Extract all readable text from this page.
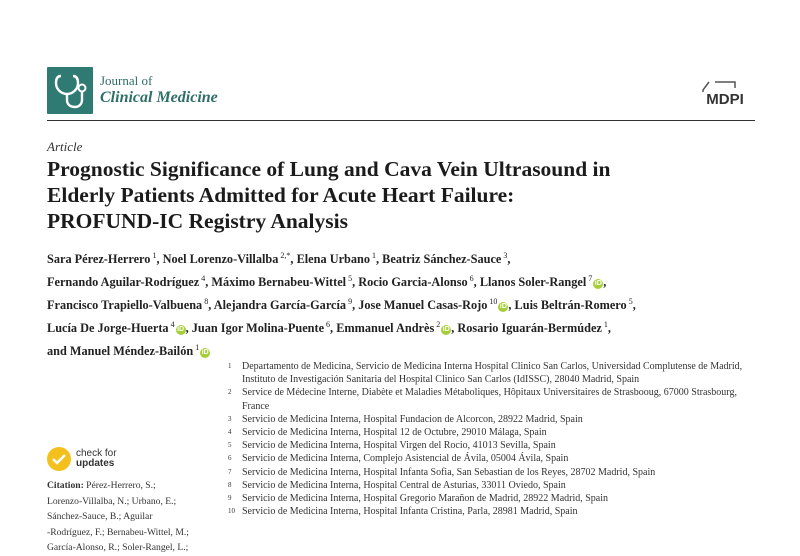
Journal of
Clinical Medicine	MDPI
Article
Prognostic Significance of Lung and Cava Vein Ultrasound in
Elderly Patients Admitted for Acute Heart Failure:
PROFUND-IC Registry Analysis
Sara Pérez-Herrero $^1$, Noel Lorenzo-Villalba $^{2,*}$, Elena Urbano $^1$, Beatriz Sánchez-Sauce $^3$,
Fernando Aguilar-Rodríguez $^4$, Máximo Bernabeu-Wittel $^5$, Rocio Garcia-Alonso $^6$, Llanos Soler-Rangel $^7$iD ,
Francisco Trapiello-Valbuena $^8$, Alejandra García-García $^9$, Jose Manuel Casas-Rojo $^{10}$iD , Luis Beltrán-Romero $^5$,
Lucía De Jorge-Huerta $^4$iD , Juan Igor Molina-Puente $^6$, Emmanuel Andrès $^2$iD , Rosario Iguarán-Bermúdez $^1$,
and Manuel Méndez-Bailón $^1$iD
1	Departamento de Medicina, Servicio de Medicina Interna Hospital Clinico San Carlos, Universidad Complutense de Madrid, Instituto de Investigación Sanitaria del Hospital Clinico San Carlos (IdISSC), 28040 Madrid, Spain
2	Service de Médecine Interne, Diabète et Maladies Métaboliques, Hôpitaux Universitaires de Strasbooug, 67000 Strasbourg, France
3	Servicio de Medicina Interna, Hospital Fundacion de Alcorcon, 28922 Madrid, Spain
4	Servicio de Medicina Interna, Hospital 12 de Octubre, 29010 Málaga, Spain
5	Servicio de Medicina Interna, Hospital Virgen del Rocio, 41013 Sevilla, Spain
6	Servicio de Medicina Interna, Complejo Asistencial de Ávila, 05004 Ávila, Spain
7	Servicio de Medicina Interna, Hospital Infanta Sofia, San Sebastian de los Reyes, 28702 Madrid, Spain
8	Servicio de Medicina Interna, Hospital Central de Asturias, 33011 Oviedo, Spain
9	Servicio de Medicina Interna, Hospital Gregorio Marañon de Madrid, 28922 Madrid, Spain
10 Servicio de Medicina Interna, Hospital Infanta Cristina, Parla, 28981 Madrid, Spain
check for
updates
Citation: Pérez-Herrero, S.;
Lorenzo-Villalba, N.; Urbano, E.;
Sánchez-Sauce, B.; Aguilar
-Rodríguez, F.; Bernabeu-Wittel, M.;
García-Alonso, R.; Soler-Rangel, L.;
